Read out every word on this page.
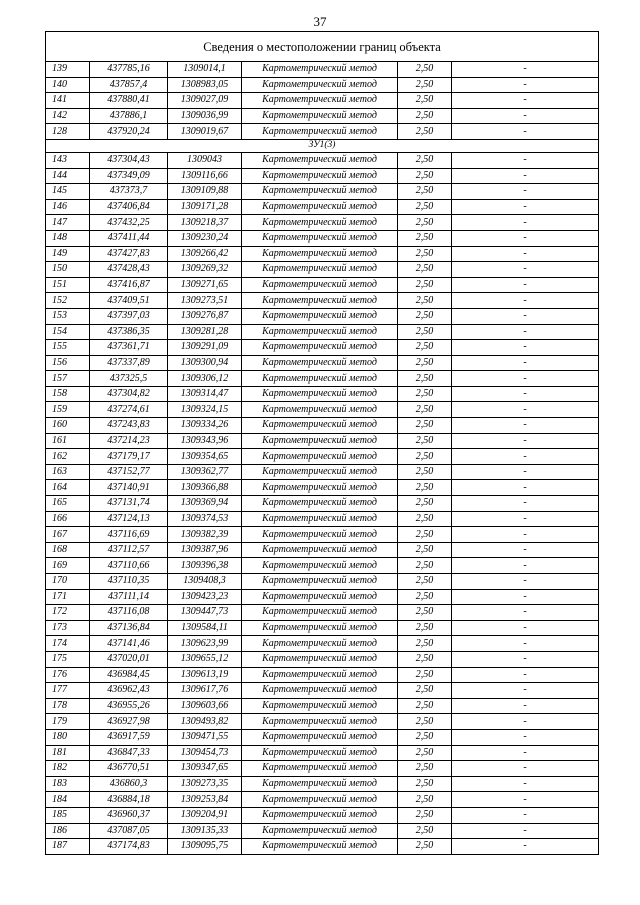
37
Сведения о местоположении границ объекта					
139	437785,16	1309014,1	Картометрический метод	2,50	-
140	437857,4	1308983,05	Картометрический метод	2,50	-
141	437880,41	1309027,09	Картометрический метод	2,50	-
142	437886,1	1309036,99	Картометрический метод	2,50	-
128	437920,24	1309019,67	Картометрический метод	2,50	-
ЗУ1(3)					
143	437304,43	1309043	Картометрический метод	2,50	-
144	437349,09	1309116,66	Картометрический метод	2,50	-
145	437373,7	1309109,88	Картометрический метод	2,50	-
146	437406,84	1309171,28	Картометрический метод	2,50	-
147	437432,25	1309218,37	Картометрический метод	2,50	-
148	437411,44	1309230,24	Картометрический метод	2,50	-
149	437427,83	1309266,42	Картометрический метод	2,50	-
150	437428,43	1309269,32	Картометрический метод	2,50	-
151	437416,87	1309271,65	Картометрический метод	2,50	-
152	437409,51	1309273,51	Картометрический метод	2,50	-
153	437397,03	1309276,87	Картометрический метод	2,50	-
154	437386,35	1309281,28	Картометрический метод	2,50	-
155	437361,71	1309291,09	Картометрический метод	2,50	-
156	437337,89	1309300,94	Картометрический метод	2,50	-
157	437325,5	1309306,12	Картометрический метод	2,50	-
158	437304,82	1309314,47	Картометрический метод	2,50	-
159	437274,61	1309324,15	Картометрический метод	2,50	-
160	437243,83	1309334,26	Картометрический метод	2,50	-
161	437214,23	1309343,96	Картометрический метод	2,50	-
162	437179,17	1309354,65	Картометрический метод	2,50	-
163	437152,77	1309362,77	Картометрический метод	2,50	-
164	437140,91	1309366,88	Картометрический метод	2,50	-
165	437131,74	1309369,94	Картометрический метод	2,50	-
166	437124,13	1309374,53	Картометрический метод	2,50	-
167	437116,69	1309382,39	Картометрический метод	2,50	-
168	437112,57	1309387,96	Картометрический метод	2,50	-
169	437110,66	1309396,38	Картометрический метод	2,50	-
170	437110,35	1309408,3	Картометрический метод	2,50	-
171	437111,14	1309423,23	Картометрический метод	2,50	-
172	437116,08	1309447,73	Картометрический метод	2,50	-
173	437136,84	1309584,11	Картометрический метод	2,50	-
174	437141,46	1309623,99	Картометрический метод	2,50	-
175	437020,01	1309655,12	Картометрический метод	2,50	-
176	436984,45	1309613,19	Картометрический метод	2,50	-
177	436962,43	1309617,76	Картометрический метод	2,50	-
178	436955,26	1309603,66	Картометрический метод	2,50	-
179	436927,98	1309493,82	Картометрический метод	2,50	-
180	436917,59	1309471,55	Картометрический метод	2,50	-
181	436847,33	1309454,73	Картометрический метод	2,50	-
182	436770,51	1309347,65	Картометрический метод	2,50	-
183	436860,3	1309273,35	Картометрический метод	2,50	-
184	436884,18	1309253,84	Картометрический метод	2,50	-
185	436960,37	1309204,91	Картометрический метод	2,50	-
186	437087,05	1309135,33	Картометрический метод	2,50	-
187	437174,83	1309095,75	Картометрический метод	2,50	-
